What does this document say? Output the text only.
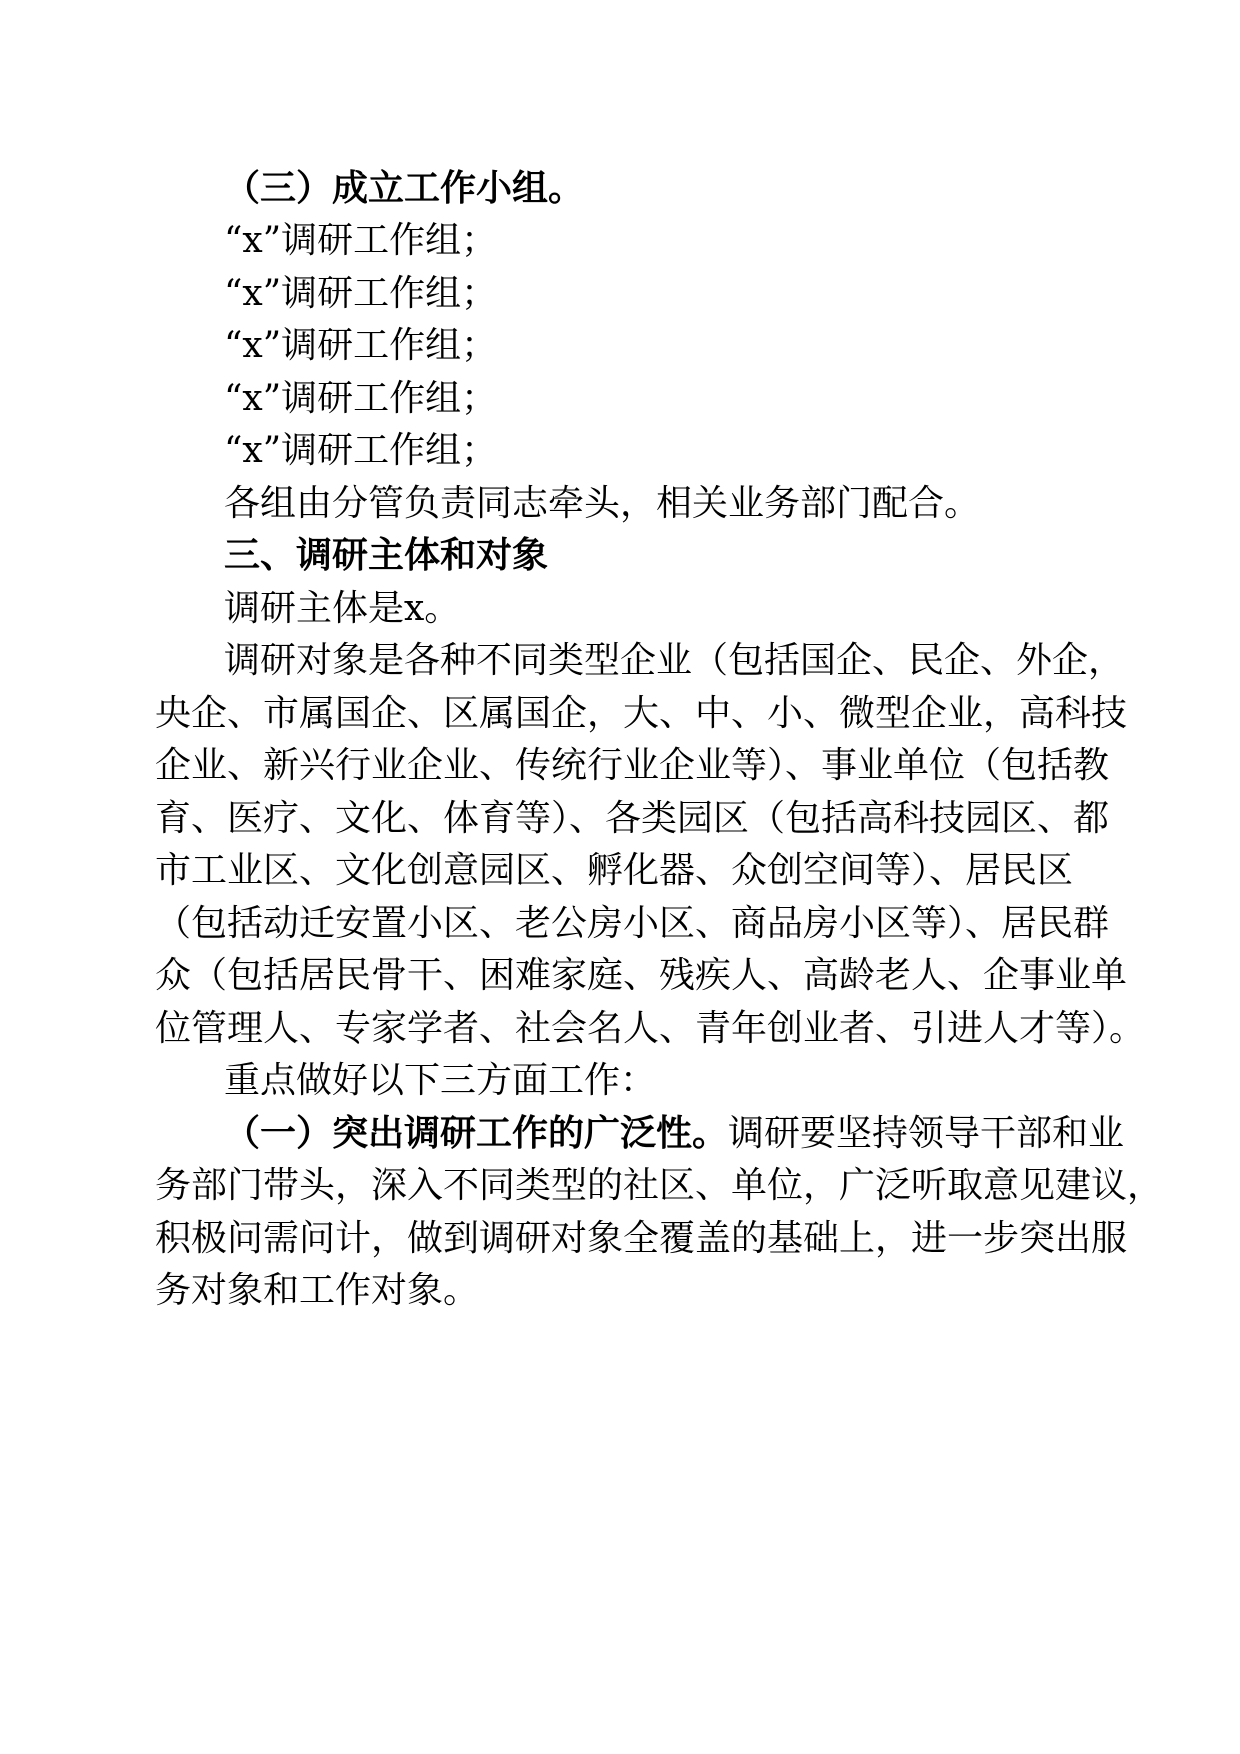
（三）成立工作小组。

“x”调研工作组；

“x”调研工作组；

“x”调研工作组；

“x”调研工作组；

“x”调研工作组；

各组由分管负责同志牵头，相关业务部门配合。

三、调研主体和对象

调研主体是x。

调研对象是各种不同类型企业（包括国企、民企、外企，

央企、市属国企、区属国企，大、中、小、微型企业，高科技

企业、新兴行业企业、传统行业企业等）、事业单位（包括教

育、医疗、文化、体育等）、各类园区（包括高科技园区、都

市工业区、文化创意园区、孵化器、众创空间等）、居民区

（包括动迁安置小区、老公房小区、商品房小区等）、居民群

众（包括居民骨干、困难家庭、残疾人、高龄老人、企事业单

位管理人、专家学者、社会名人、青年创业者、引进人才等）。

重点做好以下三方面工作：

（一）突出调研工作的广泛性。调研要坚持领导干部和业

务部门带头，深入不同类型的社区、单位，广泛听取意见建议，

积极问需问计，做到调研对象全覆盖的基础上，进一步突出服

务对象和工作对象。
